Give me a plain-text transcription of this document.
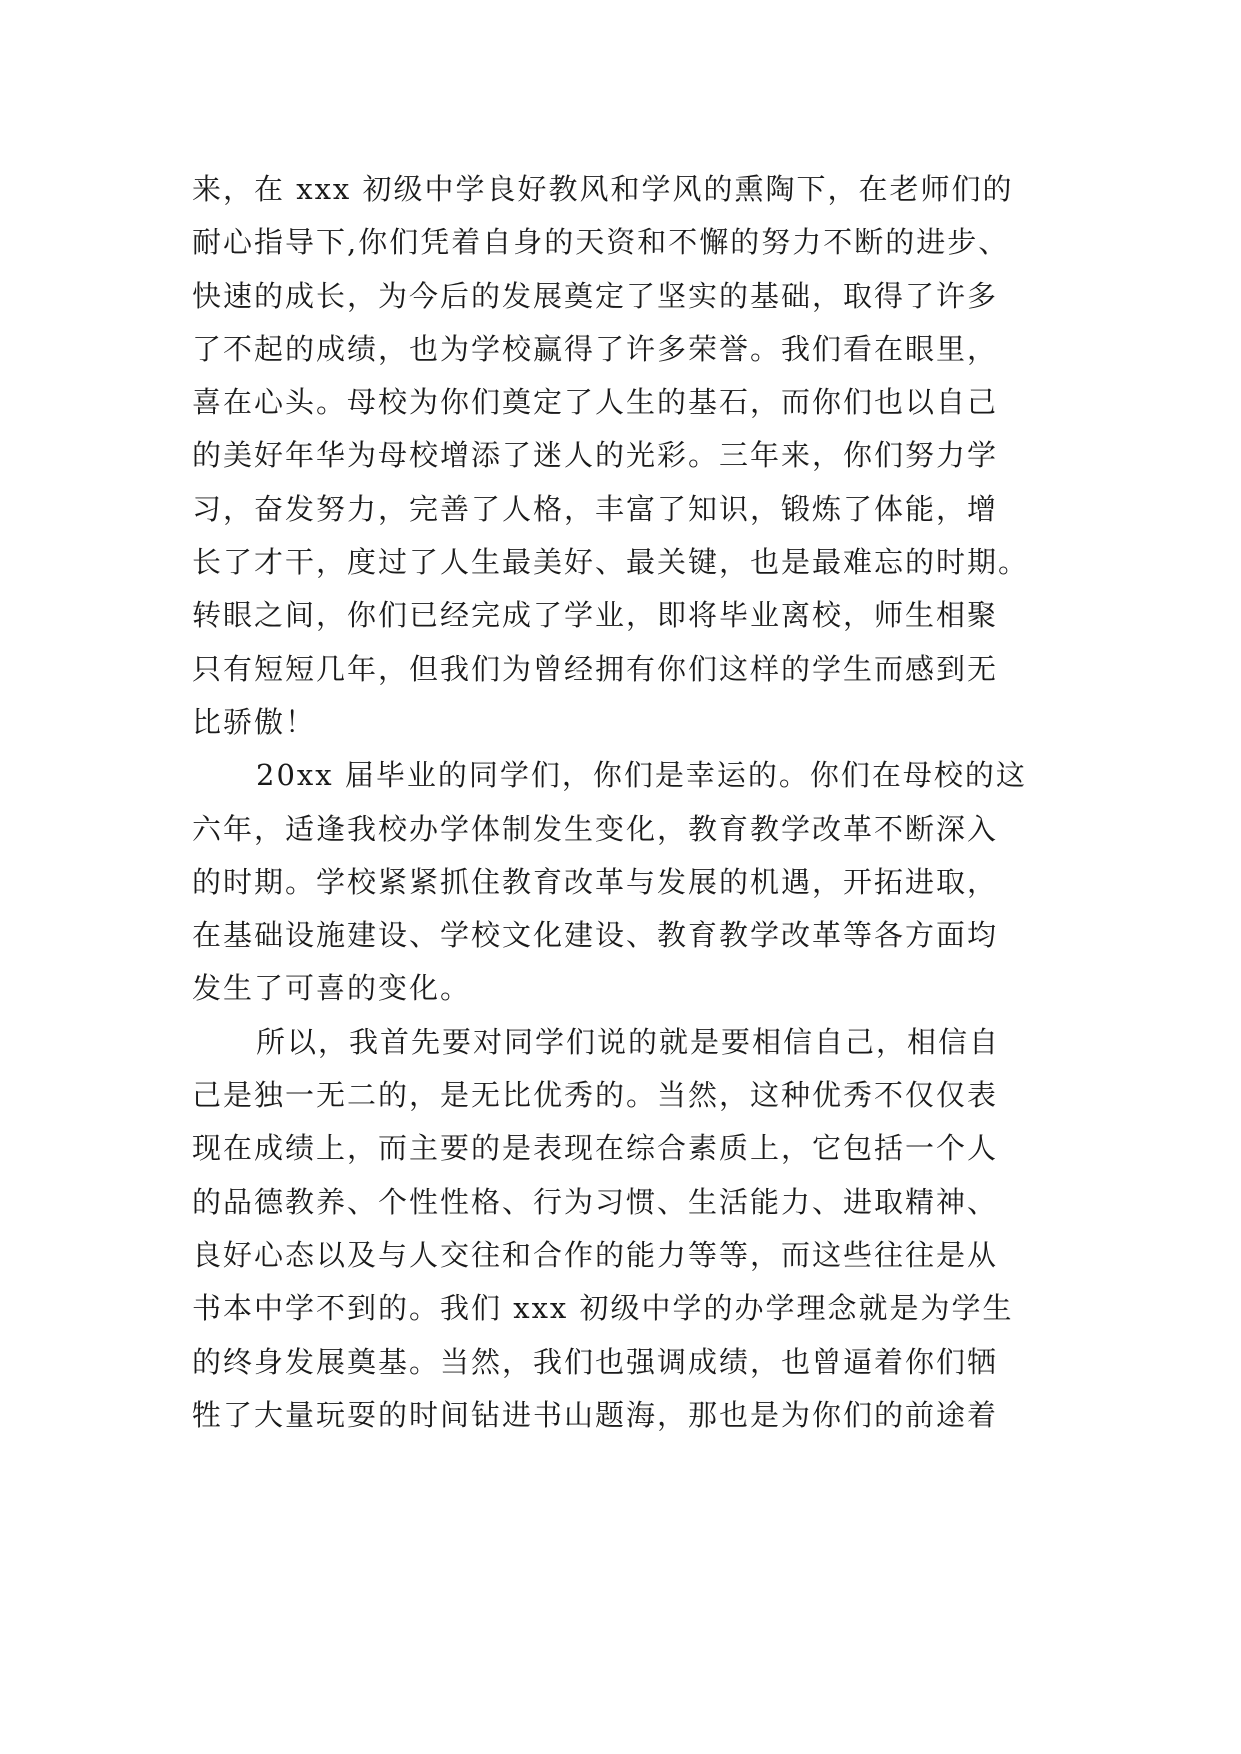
来，在 xxx 初级中学良好教风和学风的熏陶下，在老师们的
耐心指导下,你们凭着自身的天资和不懈的努力不断的进步、
快速的成长，为今后的发展奠定了坚实的基础，取得了许多
了不起的成绩，也为学校赢得了许多荣誉。我们看在眼里，
喜在心头。母校为你们奠定了人生的基石，而你们也以自己
的美好年华为母校增添了迷人的光彩。三年来，你们努力学
习，奋发努力，完善了人格，丰富了知识，锻炼了体能，增
长了才干，度过了人生最美好、最关键，也是最难忘的时期。
转眼之间，你们已经完成了学业，即将毕业离校，师生相聚
只有短短几年，但我们为曾经拥有你们这样的学生而感到无
比骄傲！
20xx 届毕业的同学们，你们是幸运的。你们在母校的这
六年，适逢我校办学体制发生变化，教育教学改革不断深入
的时期。学校紧紧抓住教育改革与发展的机遇，开拓进取，
在基础设施建设、学校文化建设、教育教学改革等各方面均
发生了可喜的变化。
所以，我首先要对同学们说的就是要相信自己，相信自
己是独一无二的，是无比优秀的。当然，这种优秀不仅仅表
现在成绩上，而主要的是表现在综合素质上，它包括一个人
的品德教养、个性性格、行为习惯、生活能力、进取精神、
良好心态以及与人交往和合作的能力等等，而这些往往是从
书本中学不到的。我们 xxx 初级中学的办学理念就是为学生
的终身发展奠基。当然，我们也强调成绩，也曾逼着你们牺
牲了大量玩耍的时间钻进书山题海，那也是为你们的前途着
